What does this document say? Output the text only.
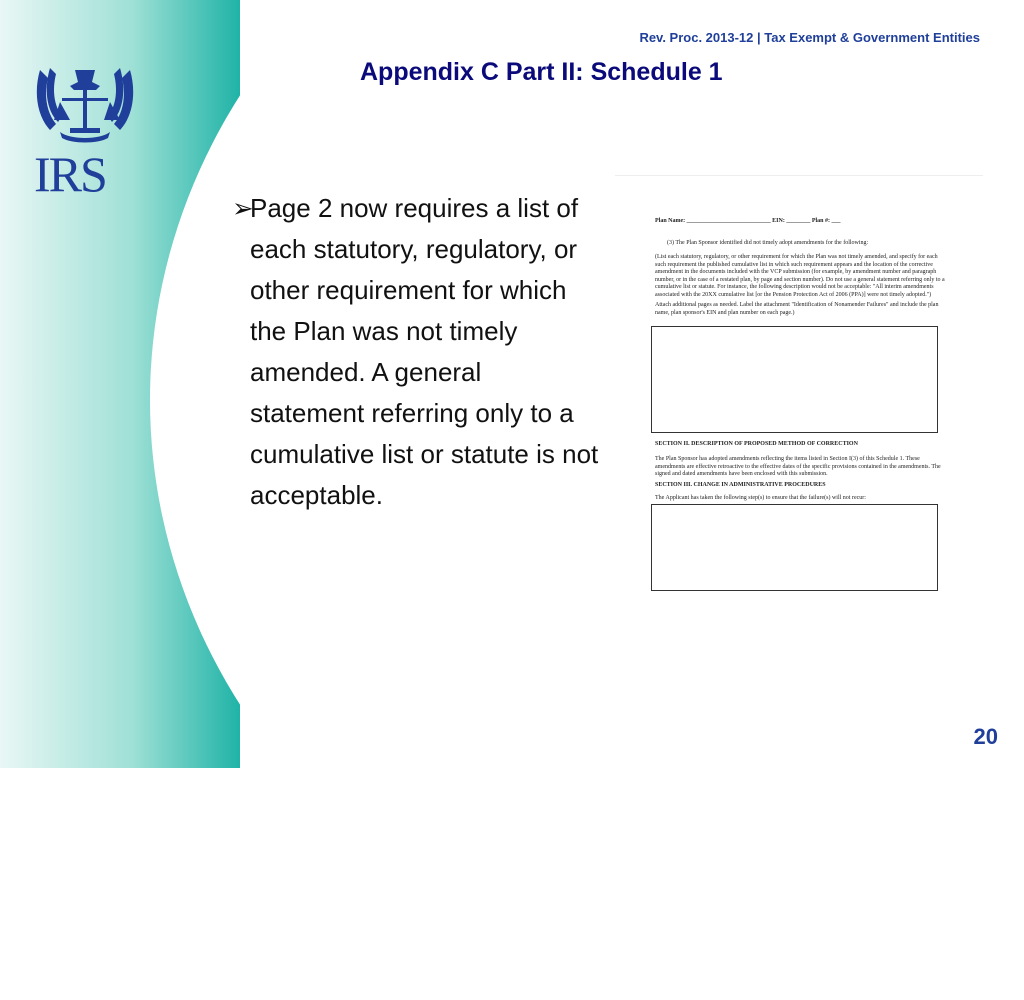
IRS
Rev. Proc. 2013-12 | Tax Exempt & Government Entities
Appendix C Part II: Schedule 1
➢
Page 2 now requires a list of each statutory, regulatory, or other requirement for which the Plan was not timely amended. A general statement referring only to a cumulative list or statute is not acceptable.
Plan Name: ____________________________ EIN: ________ Plan #: ___
(3) The Plan Sponsor identified did not timely adopt amendments for the following:
(List each statutory, regulatory, or other requirement for which the Plan was not timely amended, and specify for each such requirement the published cumulative list in which such requirement appears and the location of the corrective amendment in the documents included with the VCP submission (for example, by amendment number and paragraph number, or in the case of a restated plan, by page and section number). Do not use a general statement referring only to a cumulative list or statute. For instance, the following description would not be acceptable: "All interim amendments associated with the 20XX cumulative list [or the Pension Protection Act of 2006 (PPA)] were not timely adopted.")
Attach additional pages as needed. Label the attachment "Identification of Nonamender Failures" and include the plan name, plan sponsor's EIN and plan number on each page.)
SECTION II. DESCRIPTION OF PROPOSED METHOD OF CORRECTION
The Plan Sponsor has adopted amendments reflecting the items listed in Section I(3) of this Schedule 1. These amendments are effective retroactive to the effective dates of the specific provisions contained in the amendments. The signed and dated amendments have been enclosed with this submission.
SECTION III. CHANGE IN ADMINISTRATIVE PROCEDURES
The Applicant has taken the following step(s) to ensure that the failure(s) will not recur:
20
